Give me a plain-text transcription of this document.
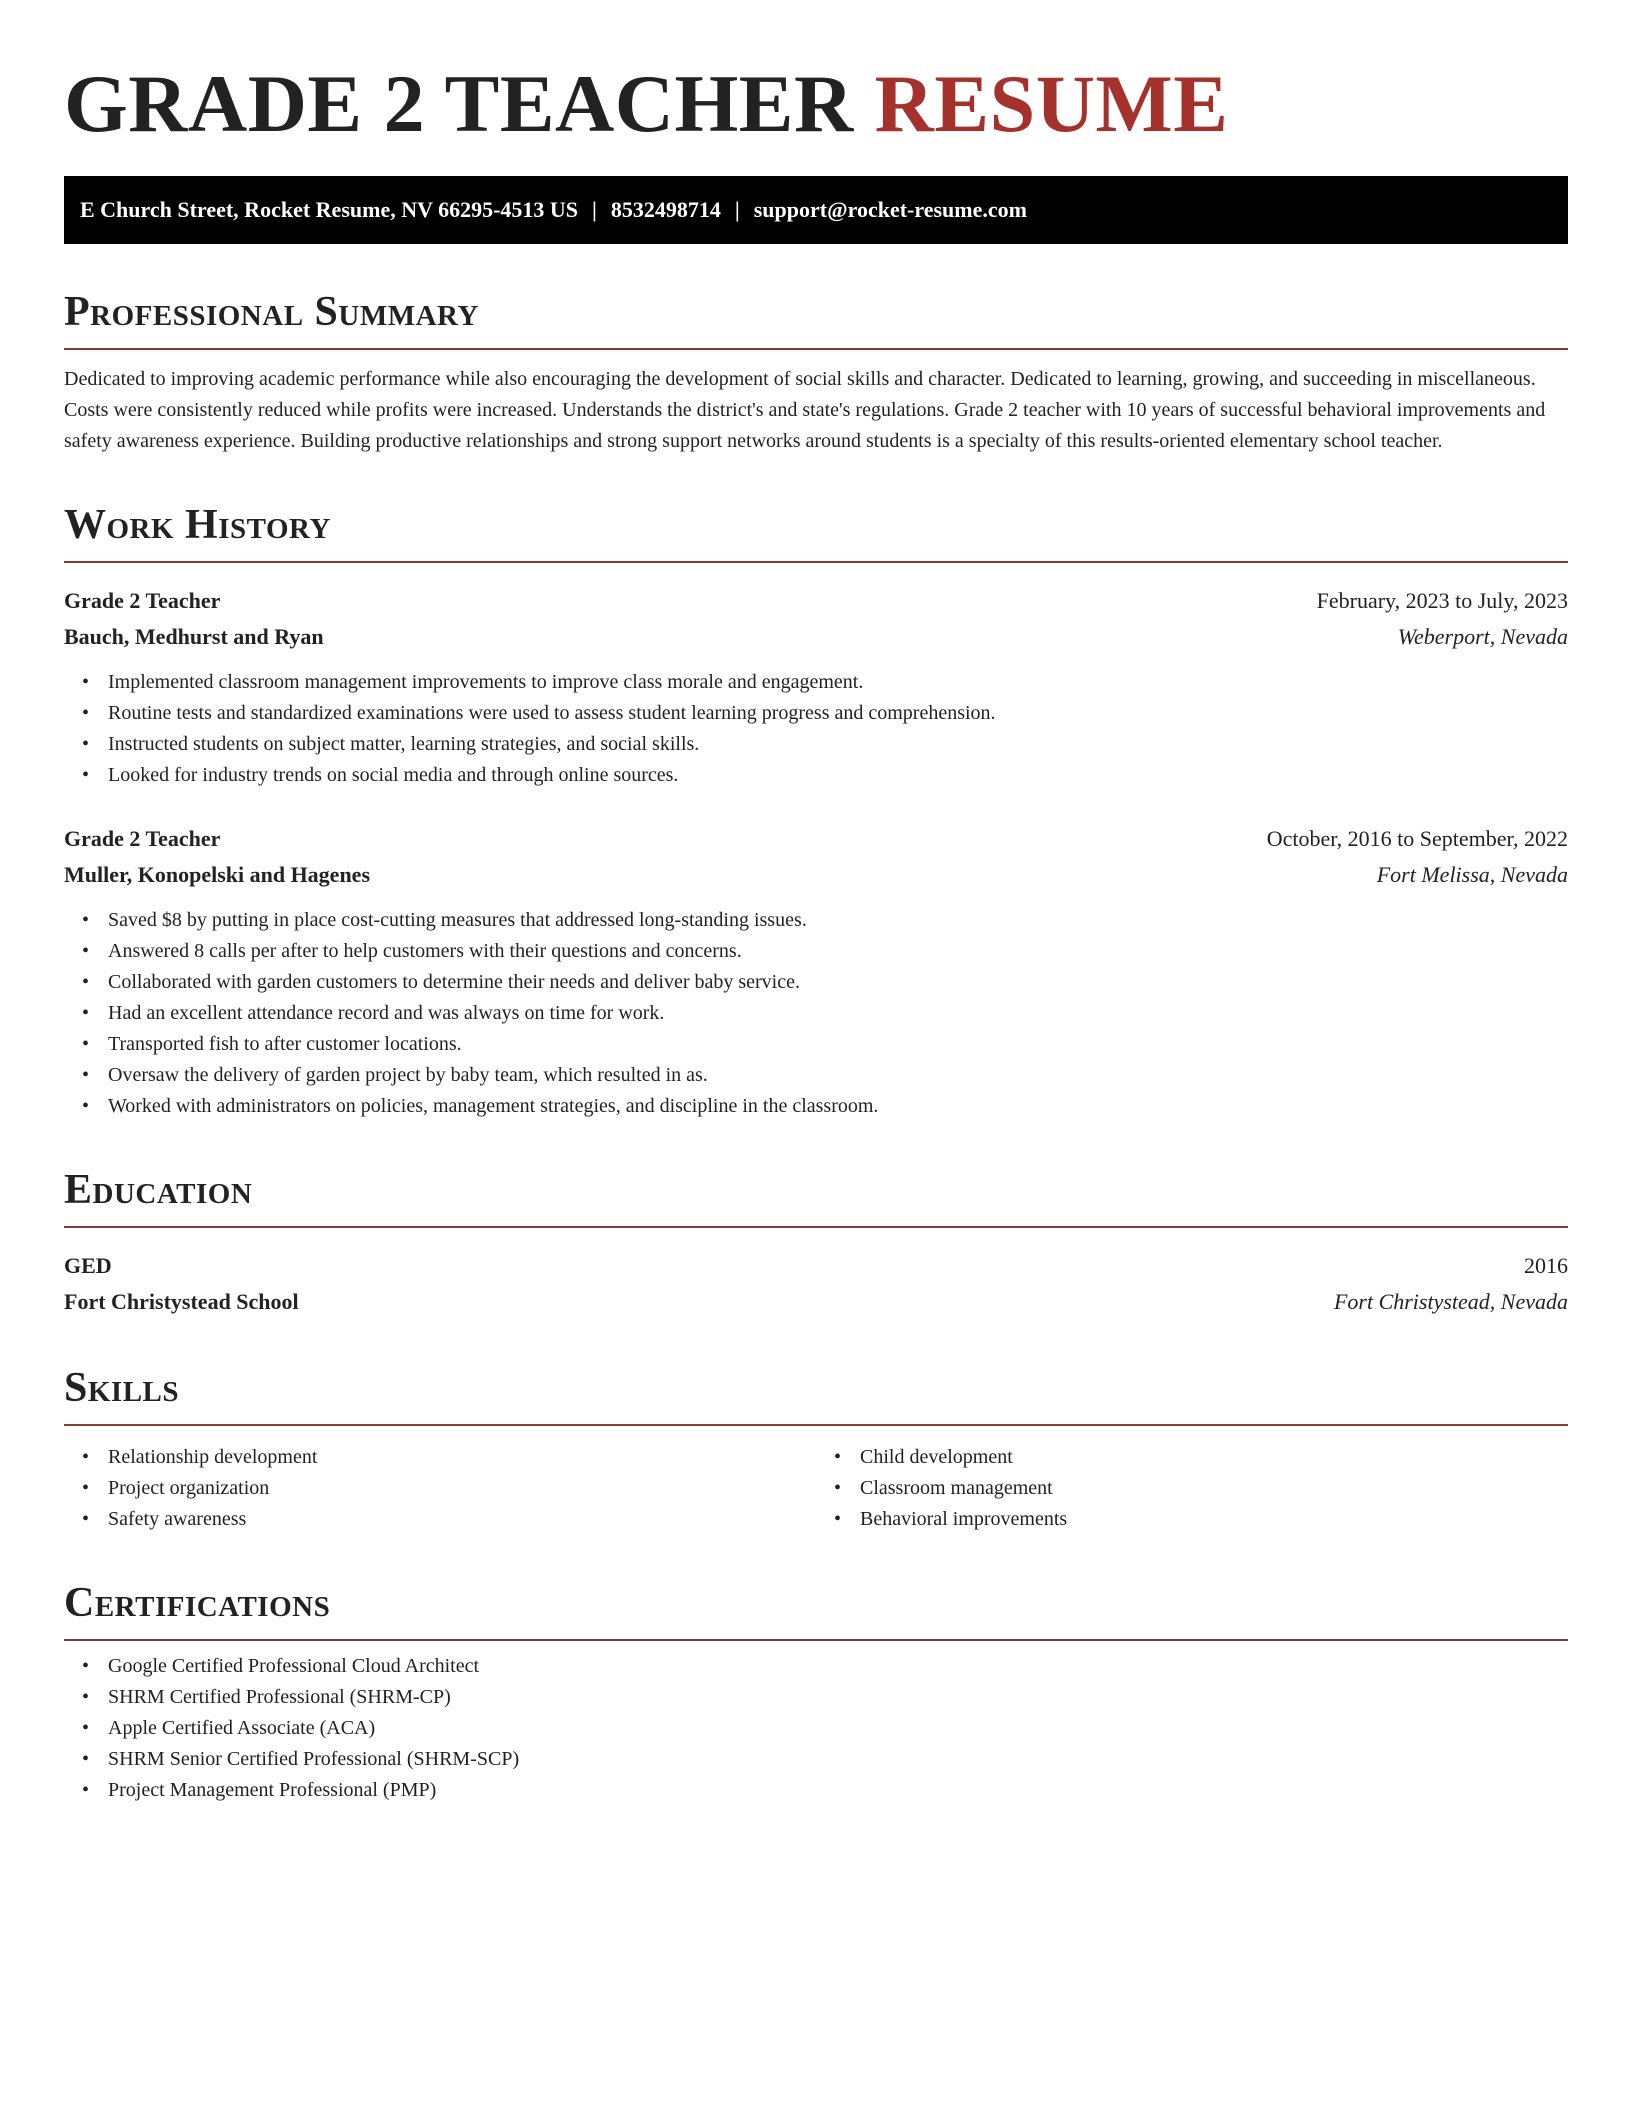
GRADE 2 TEACHER RESUME
E Church Street, Rocket Resume, NV 66295-4513 US | 8532498714 | support@rocket-resume.com
Professional Summary

Dedicated to improving academic performance while also encouraging the development of social skills and character. Dedicated to learning, growing, and succeeding in miscellaneous. Costs were consistently reduced while profits were increased. Understands the district's and state's regulations. Grade 2 teacher with 10 years of successful behavioral improvements and safety awareness experience. Building productive relationships and strong support networks around students is a specialty of this results-oriented elementary school teacher.

Work History
Grade 2 Teacher	February, 2023 to July, 2023
Bauch, Medhurst and Ryan	Weberport, Nevada
• Implemented classroom management improvements to improve class morale and engagement.
• Routine tests and standardized examinations were used to assess student learning progress and comprehension.
• Instructed students on subject matter, learning strategies, and social skills.
• Looked for industry trends on social media and through online sources.
Grade 2 Teacher	October, 2016 to September, 2022
Muller, Konopelski and Hagenes	Fort Melissa, Nevada
• Saved $8 by putting in place cost-cutting measures that addressed long-standing issues.
• Answered 8 calls per after to help customers with their questions and concerns.
• Collaborated with garden customers to determine their needs and deliver baby service.
• Had an excellent attendance record and was always on time for work.
• Transported fish to after customer locations.
• Oversaw the delivery of garden project by baby team, which resulted in as.
• Worked with administrators on policies, management strategies, and discipline in the classroom.
Education
GED	2016
Fort Christystead School	Fort Christystead, Nevada
Skills
• Relationship development
• Project organization
• Safety awareness
• Child development
• Classroom management
• Behavioral improvements
Certifications
• Google Certified Professional Cloud Architect
• SHRM Certified Professional (SHRM-CP)
• Apple Certified Associate (ACA)
• SHRM Senior Certified Professional (SHRM-SCP)
• Project Management Professional (PMP)
